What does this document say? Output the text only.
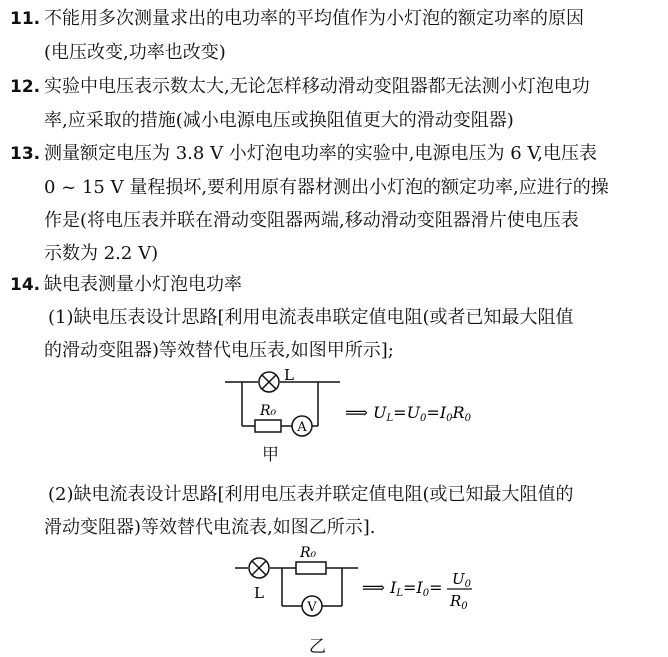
11. 不能用多次测量求出的电功率的平均值作为小灯泡的额定功率的原因
(电压改变,功率也改变)
12. 实验中电压表示数太大,无论怎样移动滑动变阻器都无法测小灯泡电功
率,应采取的措施(减小电源电压或换阻值更大的滑动变阻器)
13. 测量额定电压为 3.8 V 小灯泡电功率的实验中,电源电压为 6 V,电压表
0 ~ 15 V 量程损坏,要利用原有器材测出小灯泡的额定功率,应进行的操
作是(将电压表并联在滑动变阻器两端,移动滑动变阻器滑片使电压表
示数为 2.2 V)
14. 缺电表测量小灯泡电功率
(1)缺电压表设计思路[利用电流表串联定值电阻(或者已知最大阻值
的滑动变阻器)等效替代电压表,如图甲所示];
L
R₀
A
⟹ UL=U0=I0R0
甲
(2)缺电流表设计思路[利用电压表并联定值电阻(或已知最大阻值的
滑动变阻器)等效替代电流表,如图乙所示].
L
R₀
V
⟹ $IL=I0= U_0$
$R_0$
乙
